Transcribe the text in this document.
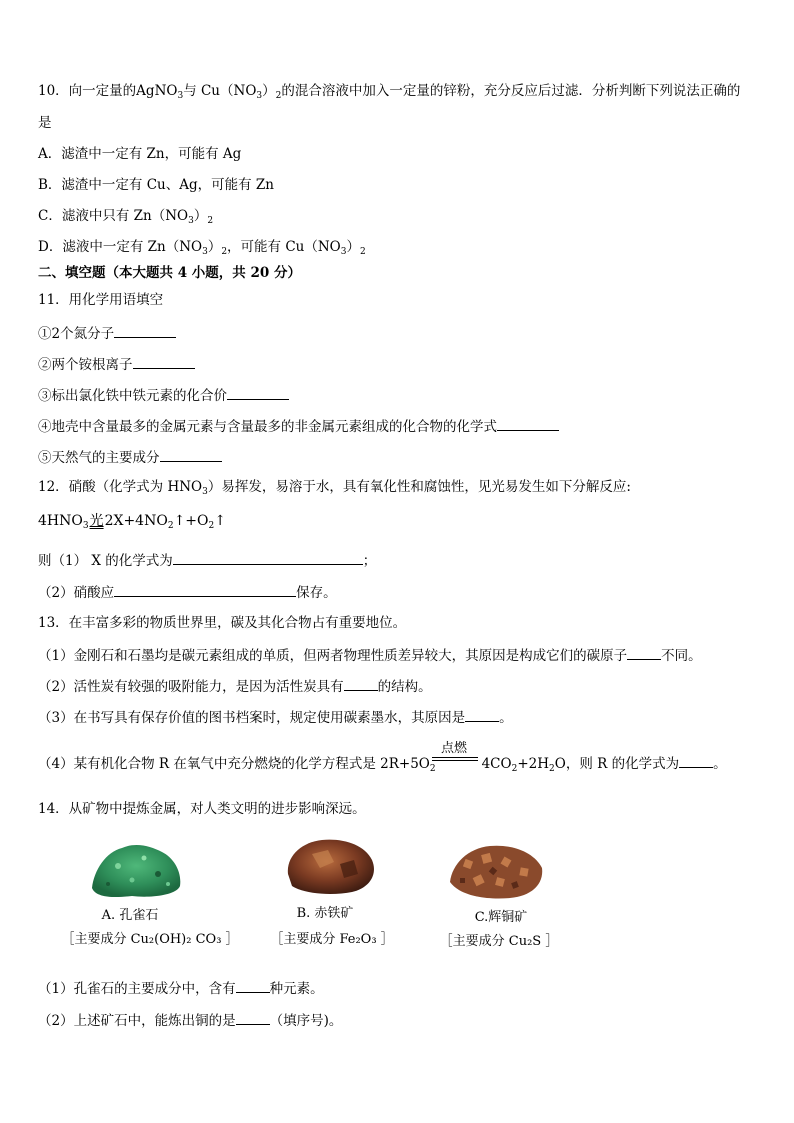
10．向一定量的AgNO$_3$与 $Cu(NO_3)_2$的混合溶液中加入一定量的锌粉，充分反应后过滤．分析判断下列说法正确的
是
A．滤渣中一定有 Zn，可能有 Ag
B．滤渣中一定有 Cu、Ag，可能有 Zn
C．滤液中只有 $Zn(NO_3)_2$
D．滤液中一定有 $Zn(NO_3)_2$，可能有 $Cu(NO_3)_2$
二、填空题（本大题共 4 小题，共 20 分）
11．用化学用语填空
①2个氮分子
②两个铵根离子
③标出氯化铁中铁元素的化合价
④地壳中含量最多的金属元素与含量最多的非金属元素组成的化合物的化学式
⑤天然气的主要成分
12．硝酸（化学式为 $HNO_3$）易挥发，易溶于水，具有氧化性和腐蚀性，见光易发生如下分解反应:
$4HNO_3$光$2X+4NO_2↑+O_2↑$
则（1） X 的化学式为	；
（2）硝酸应	保存。
13．在丰富多彩的物质世界里，碳及其化合物占有重要地位。
（1）金刚石和石墨均是碳元素组成的单质，但两者物理性质差异较大，其原因是构成它们的碳原子	不同。
（2）活性炭有较强的吸附能力，是因为活性炭具有	的结构。
（3）在书写具有保存价值的图书档案时，规定使用碳素墨水，其原因是	。
点燃
（4）某有机化合物 R 在氧气中充分燃烧的化学方程式是 $2R+5O_2$	$4CO_2+2H_2O$，则 R 的化学式为	。
14．从矿物中提炼金属，对人类文明的进步影响深远。
A. 孔雀石
［主要成分 Cu₂(OH)₂ CO₃ ］
B. 赤铁矿
［主要成分 Fe₂O₃ ］
C.辉铜矿
［主要成分 Cu₂S ］
（1）孔雀石的主要成分中，含有	种元素。
（2）上述矿石中，能炼出铜的是	（填序号)。
